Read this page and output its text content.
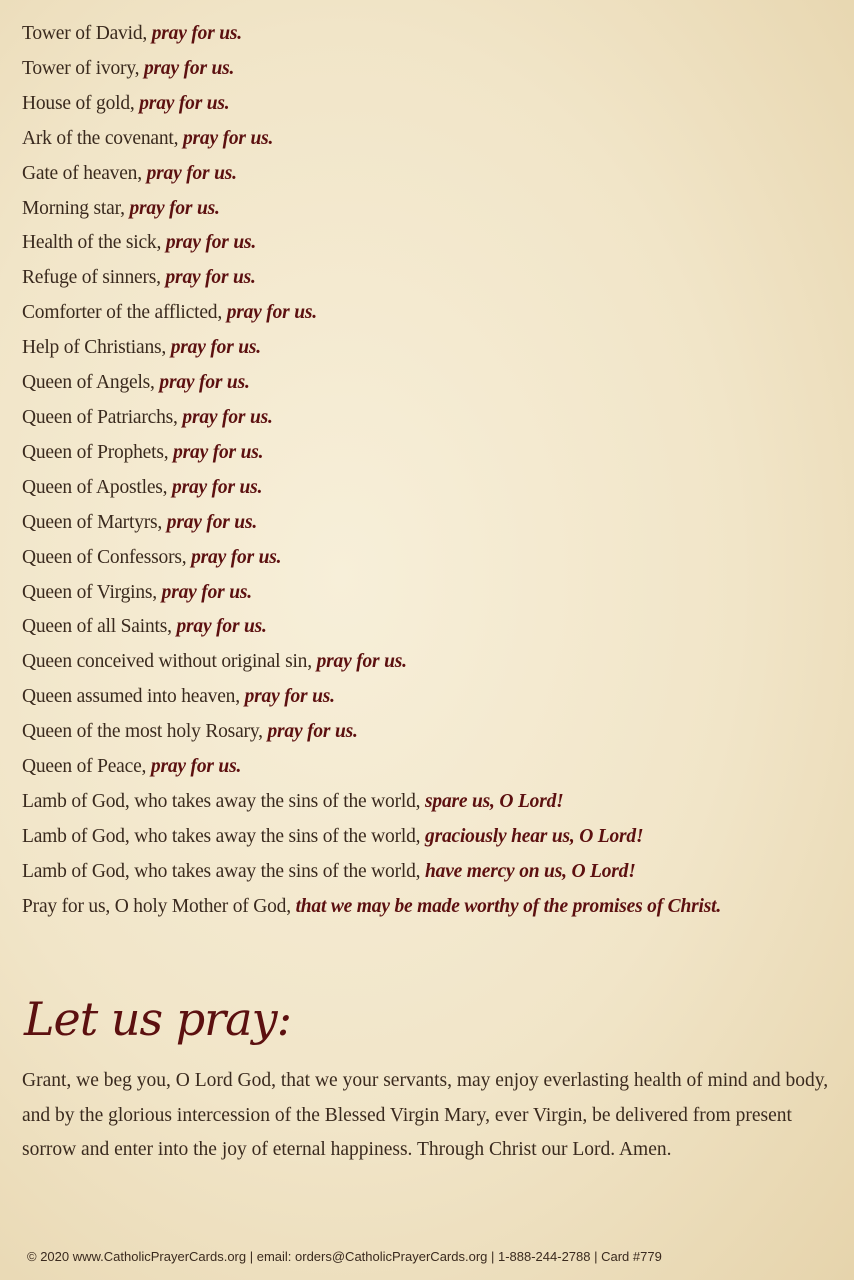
Tower of David, pray for us.
Tower of ivory, pray for us.
House of gold, pray for us.
Ark of the covenant, pray for us.
Gate of heaven, pray for us.
Morning star, pray for us.
Health of the sick, pray for us.
Refuge of sinners, pray for us.
Comforter of the afflicted, pray for us.
Help of Christians, pray for us.
Queen of Angels, pray for us.
Queen of Patriarchs, pray for us.
Queen of Prophets, pray for us.
Queen of Apostles, pray for us.
Queen of Martyrs, pray for us.
Queen of Confessors, pray for us.
Queen of Virgins, pray for us.
Queen of all Saints, pray for us.
Queen conceived without original sin, pray for us.
Queen assumed into heaven, pray for us.
Queen of the most holy Rosary, pray for us.
Queen of Peace, pray for us.
Lamb of God, who takes away the sins of the world, spare us, O Lord!
Lamb of God, who takes away the sins of the world, graciously hear us, O Lord!
Lamb of God, who takes away the sins of the world, have mercy on us, O Lord!
Pray for us, O holy Mother of God, that we may be made worthy of the promises of Christ.
Let us pray:

Grant, we beg you, O Lord God, that we your servants, may enjoy everlasting health of mind and body, and by the glorious intercession of the Blessed Virgin Mary, ever Virgin, be delivered from present sorrow and enter into the joy of eternal happiness. Through Christ our Lord. Amen.

© 2020 www.CatholicPrayerCards.org | email: orders@CatholicPrayerCards.org | 1-888-244-2788 | Card #779
